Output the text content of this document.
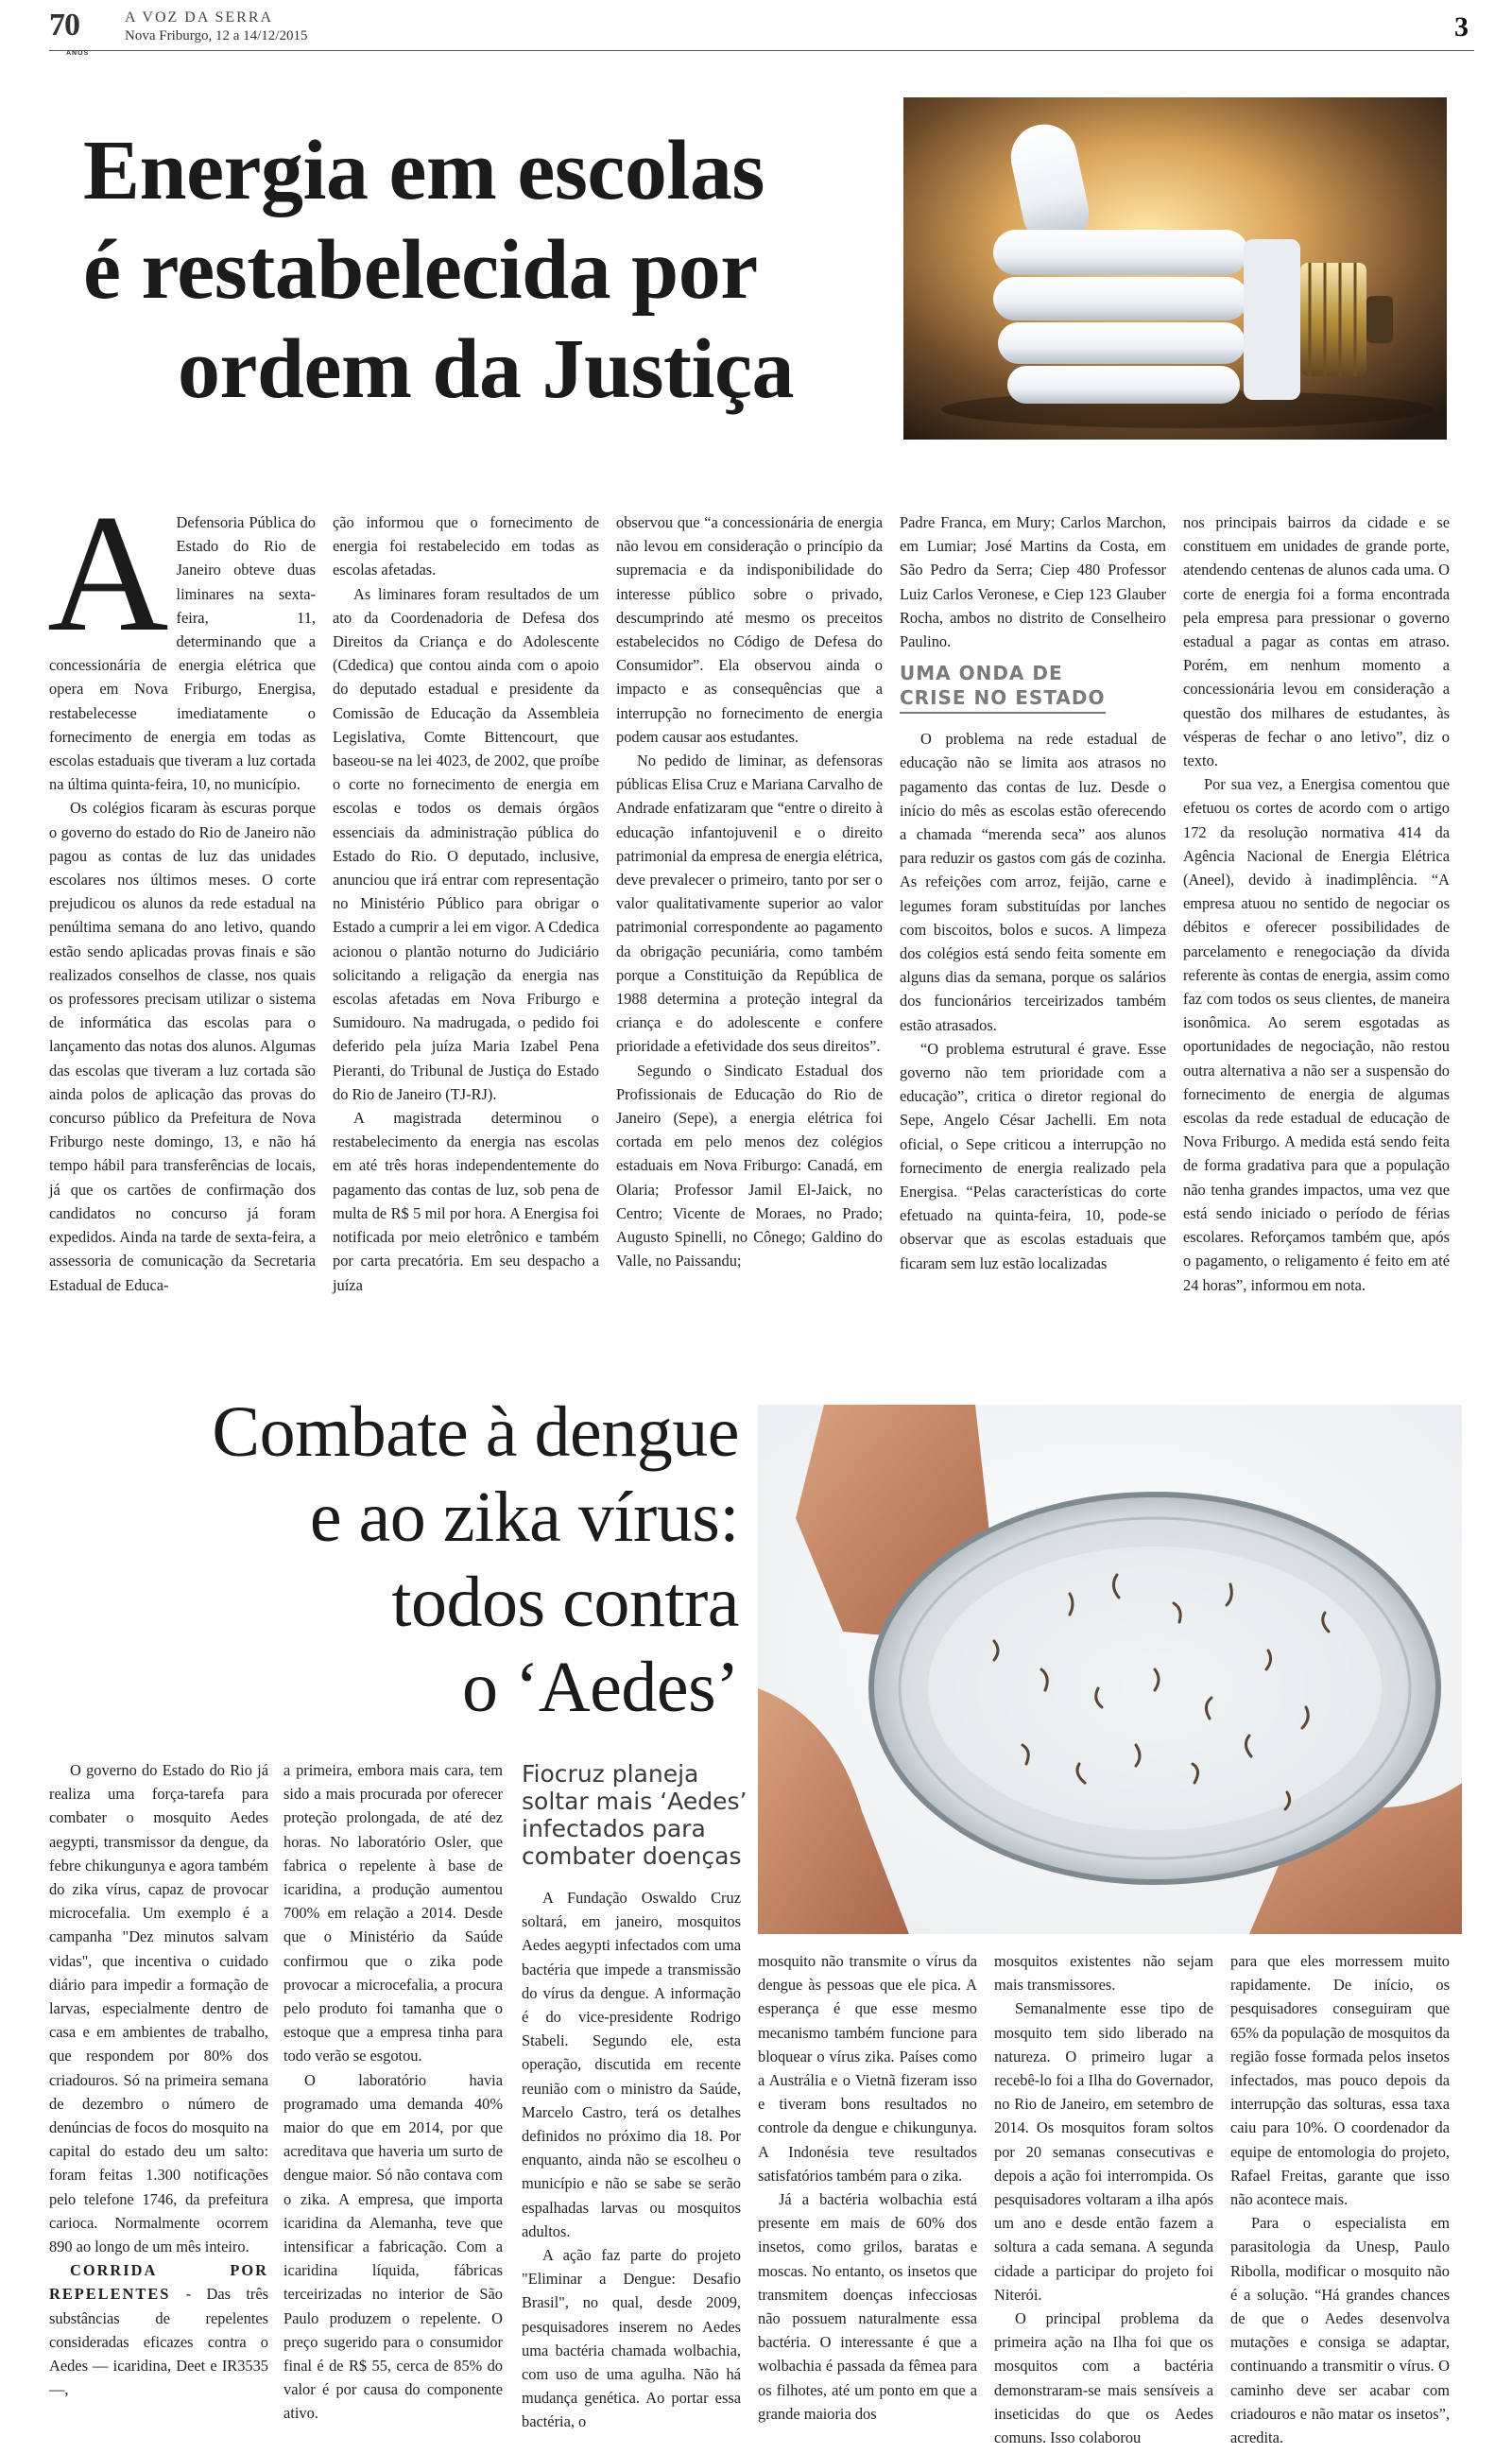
70
ANOS
A VOZ DA SERRA
Nova Friburgo, 12 a 14/12/2015	3
Energia em escolas
é restabelecida por
ordem da Justiça
A Defensoria Pública do Estado do Rio de Janeiro obteve duas liminares na sexta-feira, 11, determinando que a concessionária de energia elétrica que opera em Nova Friburgo, Energisa, restabelecesse imediatamente o fornecimento de energia em todas as escolas estaduais que tiveram a luz cortada na última quinta-feira, 10, no município.

Os colégios ficaram às escuras porque o governo do estado do Rio de Janeiro não pagou as contas de luz das unidades escolares nos últimos meses. O corte prejudicou os alunos da rede estadual na penúltima semana do ano letivo, quando estão sendo aplicadas provas finais e são realizados conselhos de classe, nos quais os professores precisam utilizar o sistema de informática das escolas para o lançamento das notas dos alunos. Algumas das escolas que tiveram a luz cortada são ainda polos de aplicação das provas do concurso público da Prefeitura de Nova Friburgo neste domingo, 13, e não há tempo hábil para transferências de locais, já que os cartões de confirmação dos candidatos no concurso já foram expedidos. Ainda na tarde de sexta-feira, a assessoria de comunicação da Secretaria Estadual de Educa-

ção informou que o fornecimento de energia foi restabelecido em todas as escolas afetadas.

As liminares foram resultados de um ato da Coordenadoria de Defesa dos Direitos da Criança e do Adolescente (Cdedica) que contou ainda com o apoio do deputado estadual e presidente da Comissão de Educação da Assembleia Legislativa, Comte Bittencourt, que baseou-se na lei 4023, de 2002, que proíbe o corte no fornecimento de energia em escolas e todos os demais órgãos essenciais da administração pública do Estado do Rio. O deputado, inclusive, anunciou que irá entrar com representação no Ministério Público para obrigar o Estado a cumprir a lei em vigor. A Cdedica acionou o plantão noturno do Judiciário solicitando a religação da energia nas escolas afetadas em Nova Friburgo e Sumidouro. Na madrugada, o pedido foi deferido pela juíza Maria Izabel Pena Pieranti, do Tribunal de Justiça do Estado do Rio de Janeiro (TJ-RJ).

A magistrada determinou o restabelecimento da energia nas escolas em até três horas independentemente do pagamento das contas de luz, sob pena de multa de R$ 5 mil por hora. A Energisa foi notificada por meio eletrônico e também por carta precatória. Em seu despacho a juíza

observou que “a concessionária de energia não levou em consideração o princípio da supremacia e da indisponibilidade do interesse público sobre o privado, descumprindo até mesmo os preceitos estabelecidos no Código de Defesa do Consumidor”. Ela observou ainda o impacto e as consequências que a interrupção no fornecimento de energia podem causar aos estudantes.

No pedido de liminar, as defensoras públicas Elisa Cruz e Mariana Carvalho de Andrade enfatizaram que “entre o direito à educação infantojuvenil e o direito patrimonial da empresa de energia elétrica, deve prevalecer o primeiro, tanto por ser o valor qualitativamente superior ao valor patrimonial correspondente ao pagamento da obrigação pecuniária, como também porque a Constituição da República de 1988 determina a proteção integral da criança e do adolescente e confere prioridade a efetividade dos seus direitos”.

Segundo o Sindicato Estadual dos Profissionais de Educação do Rio de Janeiro (Sepe), a energia elétrica foi cortada em pelo menos dez colégios estaduais em Nova Friburgo: Canadá, em Olaria; Professor Jamil El-Jaick, no Centro; Vicente de Moraes, no Prado; Augusto Spinelli, no Cônego; Galdino do Valle, no Paissandu;

Padre Franca, em Mury; Carlos Marchon, em Lumiar; José Martins da Costa, em São Pedro da Serra; Ciep 480 Professor Luiz Carlos Veronese, e Ciep 123 Glauber Rocha, ambos no distrito de Conselheiro Paulino.

UMA ONDA DE
CRISE NO ESTADO

O problema na rede estadual de educação não se limita aos atrasos no pagamento das contas de luz. Desde o início do mês as escolas estão oferecendo a chamada “merenda seca” aos alunos para reduzir os gastos com gás de cozinha. As refeições com arroz, feijão, carne e legumes foram substituídas por lanches com biscoitos, bolos e sucos. A limpeza dos colégios está sendo feita somente em alguns dias da semana, porque os salários dos funcionários terceirizados também estão atrasados.

“O problema estrutural é grave. Esse governo não tem prioridade com a educação”, critica o diretor regional do Sepe, Angelo César Jachelli. Em nota oficial, o Sepe criticou a interrupção no fornecimento de energia realizado pela Energisa. “Pelas características do corte efetuado na quinta-feira, 10, pode-se observar que as escolas estaduais que ficaram sem luz estão localizadas

nos principais bairros da cidade e se constituem em unidades de grande porte, atendendo centenas de alunos cada uma. O corte de energia foi a forma encontrada pela empresa para pressionar o governo estadual a pagar as contas em atraso. Porém, em nenhum momento a concessionária levou em consideração a questão dos milhares de estudantes, às vésperas de fechar o ano letivo”, diz o texto.

Por sua vez, a Energisa comentou que efetuou os cortes de acordo com o artigo 172 da resolução normativa 414 da Agência Nacional de Energia Elétrica (Aneel), devido à inadimplência. “A empresa atuou no sentido de negociar os débitos e oferecer possibilidades de parcelamento e renegociação da dívida referente às contas de energia, assim como faz com todos os seus clientes, de maneira isonômica. Ao serem esgotadas as oportunidades de negociação, não restou outra alternativa a não ser a suspensão do fornecimento de energia de algumas escolas da rede estadual de educação de Nova Friburgo. A medida está sendo feita de forma gradativa para que a população não tenha grandes impactos, uma vez que está sendo iniciado o período de férias escolares. Reforçamos também que, após o pagamento, o religamento é feito em até 24 horas”, informou em nota.

Combate à dengue
e ao zika vírus:
todos contra
o ‘Aedes’

O governo do Estado do Rio já realiza uma força-tarefa para combater o mosquito Aedes aegypti, transmissor da dengue, da febre chikungunya e agora também do zika vírus, capaz de provocar microcefalia. Um exemplo é a campanha "Dez minutos salvam vidas", que incentiva o cuidado diário para impedir a formação de larvas, especialmente dentro de casa e em ambientes de trabalho, que respondem por 80% dos criadouros. Só na primeira semana de dezembro o número de denúncias de focos do mosquito na capital do estado deu um salto: foram feitas 1.300 notificações pelo telefone 1746, da prefeitura carioca. Normalmente ocorrem 890 ao longo de um mês inteiro.

CORRIDA POR REPELENTES - Das três substâncias de repelentes consideradas eficazes contra o Aedes — icaridina, Deet e IR3535 —,

a primeira, embora mais cara, tem sido a mais procurada por oferecer proteção prolongada, de até dez horas. No laboratório Osler, que fabrica o repelente à base de icaridina, a produção aumentou 700% em relação a 2014. Desde que o Ministério da Saúde confirmou que o zika pode provocar a microcefalia, a procura pelo produto foi tamanha que o estoque que a empresa tinha para todo verão se esgotou.

O laboratório havia programado uma demanda 40% maior do que em 2014, por que acreditava que haveria um surto de dengue maior. Só não contava com o zika. A empresa, que importa icaridina da Alemanha, teve que intensificar a fabricação. Com a icaridina líquida, fábricas terceirizadas no interior de São Paulo produzem o repelente. O preço sugerido para o consumidor final é de R$ 55, cerca de 85% do valor é por causa do componente ativo.

Fiocruz planeja
soltar mais ‘Aedes’
infectados para
combater doenças

A Fundação Oswaldo Cruz soltará, em janeiro, mosquitos Aedes aegypti infectados com uma bactéria que impede a transmissão do vírus da dengue. A informação é do vice-presidente Rodrigo Stabeli. Segundo ele, esta operação, discutida em recente reunião com o ministro da Saúde, Marcelo Castro, terá os detalhes definidos no próximo dia 18. Por enquanto, ainda não se escolheu o município e não se sabe se serão espalhadas larvas ou mosquitos adultos.

A ação faz parte do projeto "Eliminar a Dengue: Desafio Brasil", no qual, desde 2009, pesquisadores inserem no Aedes uma bactéria chamada wolbachia, com uso de uma agulha. Não há mudança genética. Ao portar essa bactéria, o

mosquito não transmite o vírus da dengue às pessoas que ele pica. A esperança é que esse mesmo mecanismo também funcione para bloquear o vírus zika. Países como a Austrália e o Vietnã fizeram isso e tiveram bons resultados no controle da dengue e chikungunya. A Indonésia teve resultados satisfatórios também para o zika.

Já a bactéria wolbachia está presente em mais de 60% dos insetos, como grilos, baratas e moscas. No entanto, os insetos que transmitem doenças infecciosas não possuem naturalmente essa bactéria. O interessante é que a wolbachia é passada da fêmea para os filhotes, até um ponto em que a grande maioria dos

mosquitos existentes não sejam mais transmissores.

Semanalmente esse tipo de mosquito tem sido liberado na natureza. O primeiro lugar a recebê-lo foi a Ilha do Governador, no Rio de Janeiro, em setembro de 2014. Os mosquitos foram soltos por 20 semanas consecutivas e depois a ação foi interrompida. Os pesquisadores voltaram a ilha após um ano e desde então fazem a soltura a cada semana. A segunda cidade a participar do projeto foi Niterói.

O principal problema da primeira ação na Ilha foi que os mosquitos com a bactéria demonstraram-se mais sensíveis a inseticidas do que os Aedes comuns. Isso colaborou

para que eles morressem muito rapidamente. De início, os pesquisadores conseguiram que 65% da população de mosquitos da região fosse formada pelos insetos infectados, mas pouco depois da interrupção das solturas, essa taxa caiu para 10%. O coordenador da equipe de entomologia do projeto, Rafael Freitas, garante que isso não acontece mais.

Para o especialista em parasitologia da Unesp, Paulo Ribolla, modificar o mosquito não é a solução. “Há grandes chances de que o Aedes desenvolva mutações e consiga se adaptar, continuando a transmitir o vírus. O caminho deve ser acabar com criadouros e não matar os insetos”, acredita.
